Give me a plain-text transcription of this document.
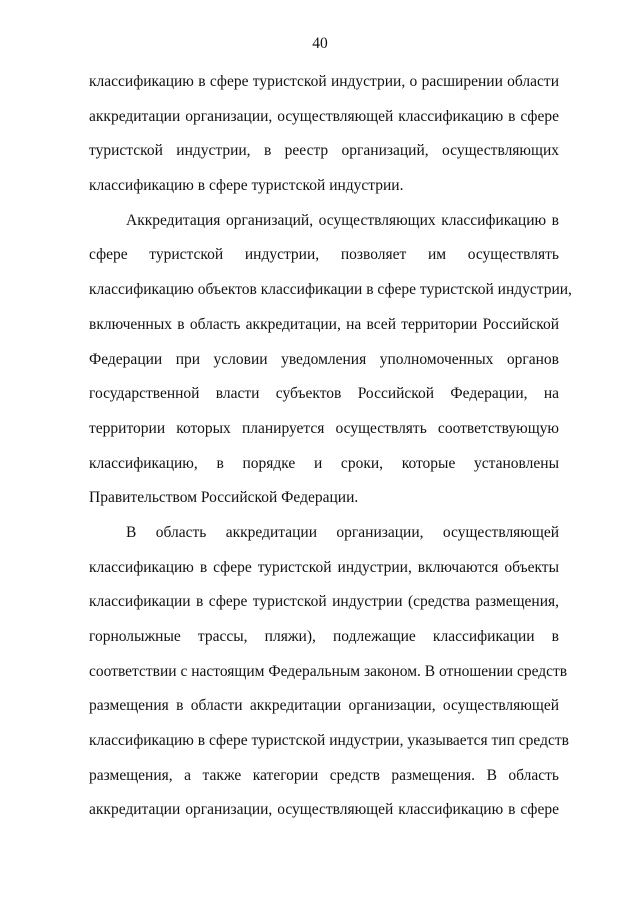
40
классификацию в сфере туристской индустрии, о расширении области
аккредитации организации, осуществляющей классификацию в сфере
туристской индустрии, в реестр организаций, осуществляющих
классификацию в сфере туристской индустрии.
Аккредитация организаций, осуществляющих классификацию в
сфере туристской индустрии, позволяет им осуществлять
классификацию объектов классификации в сфере туристской индустрии,
включенных в область аккредитации, на всей территории Российской
Федерации при условии уведомления уполномоченных органов
государственной власти субъектов Российской Федерации, на
территории которых планируется осуществлять соответствующую
классификацию, в порядке и сроки, которые установлены
Правительством Российской Федерации.
В область аккредитации организации, осуществляющей
классификацию в сфере туристской индустрии, включаются объекты
классификации в сфере туристской индустрии (средства размещения,
горнолыжные трассы, пляжи), подлежащие классификации в
соответствии с настоящим Федеральным законом. В отношении средств
размещения в области аккредитации организации, осуществляющей
классификацию в сфере туристской индустрии, указывается тип средств
размещения, а также категории средств размещения. В область
аккредитации организации, осуществляющей классификацию в сфере
